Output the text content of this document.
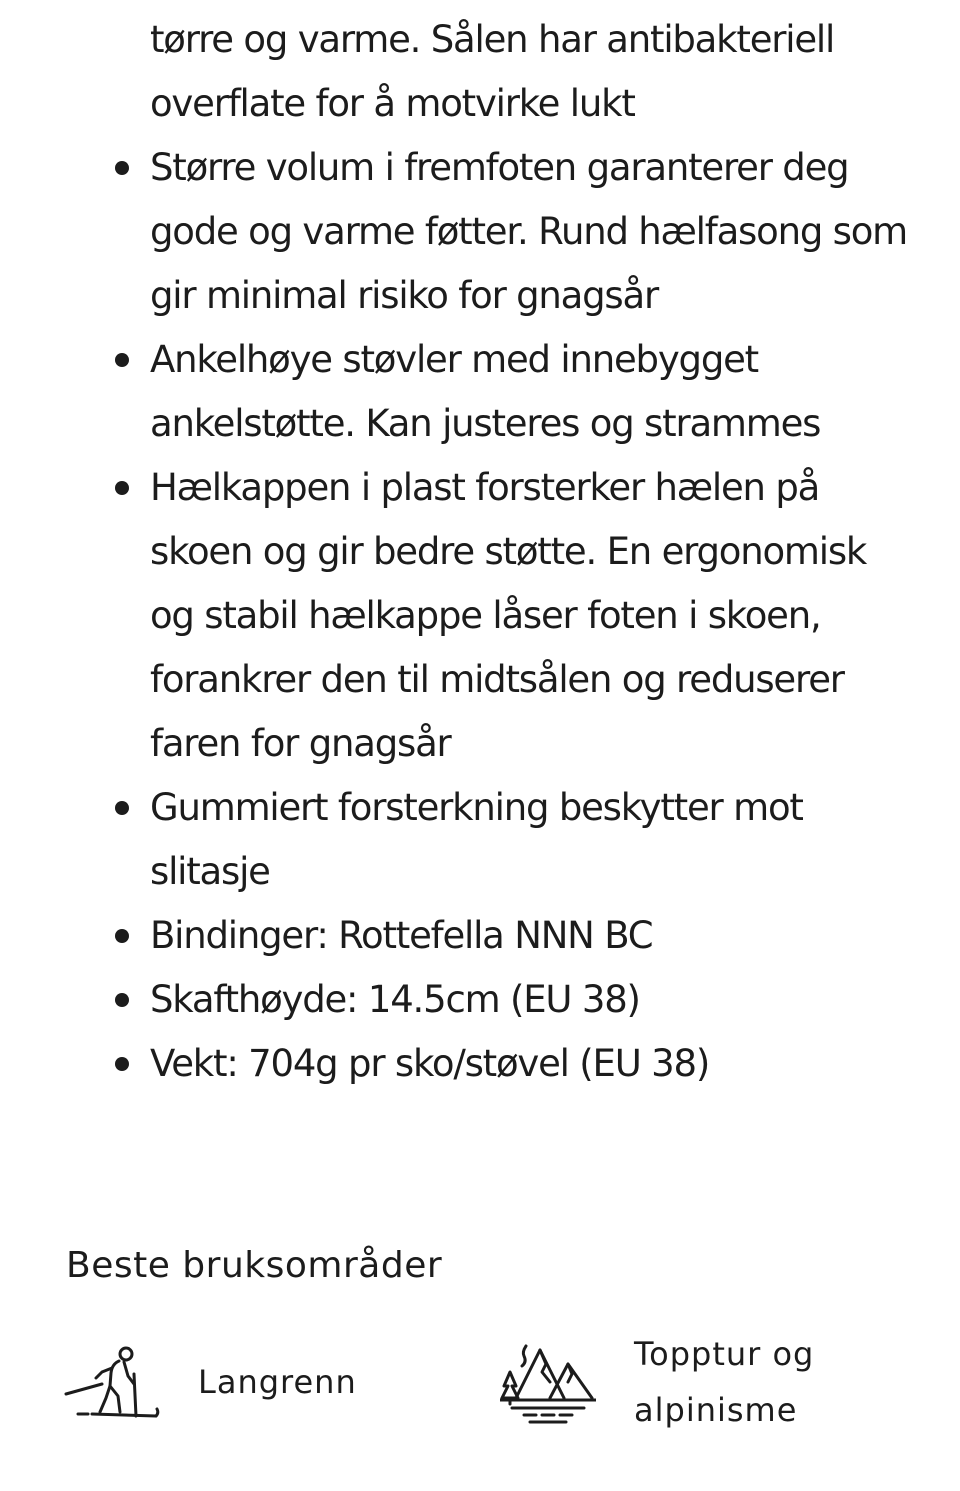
tørre og varme. Sålen har antibakteriell overflate for å motvirke lukt
Større volum i fremfoten garanterer deg gode og varme føtter. Rund hælfasong som gir minimal risiko for gnagsår
Ankelhøye støvler med innebygget ankelstøtte. Kan justeres og strammes
Hælkappen i plast forsterker hælen på skoen og gir bedre støtte. En ergonomisk og stabil hælkappe låser foten i skoen, forankrer den til midtsålen og reduserer faren for gnagsår
Gummiert forsterkning beskytter mot slitasje
Bindinger: Rottefella NNN BC
Skafthøyde: 14.5cm (EU 38)
Vekt: 704g pr sko/støvel (EU 38)
Beste bruksområder
Langrenn
Topptur og
alpinisme
